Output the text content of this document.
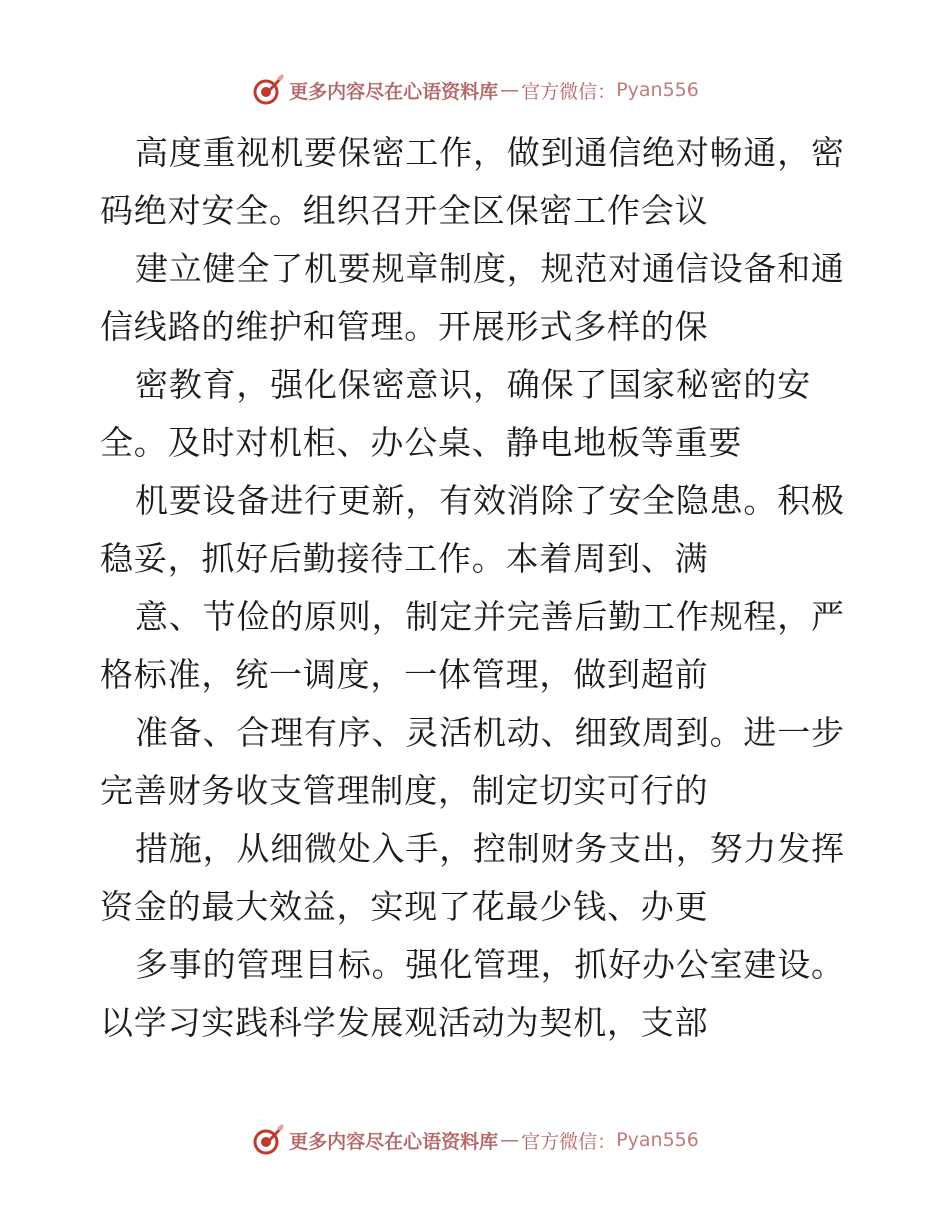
更多内容尽在心语资料库 — 官方微信： Pyan556
高度重视机要保密工作，做到通信绝对畅通，密
码绝对安全。组织召开全区保密工作会议
建立健全了机要规章制度，规范对通信设备和通
信线路的维护和管理。开展形式多样的保
密教育，强化保密意识，确保了国家秘密的安
全。及时对机柜、办公桌、静电地板等重要
机要设备进行更新，有效消除了安全隐患。积极
稳妥，抓好后勤接待工作。本着周到、满
意、节俭的原则，制定并完善后勤工作规程，严
格标准，统一调度，一体管理，做到超前
准备、合理有序、灵活机动、细致周到。进一步
完善财务收支管理制度，制定切实可行的
措施，从细微处入手，控制财务支出，努力发挥
资金的最大效益，实现了花最少钱、办更
多事的管理目标。强化管理，抓好办公室建设。
以学习实践科学发展观活动为契机，支部
更多内容尽在心语资料库 — 官方微信： Pyan556
